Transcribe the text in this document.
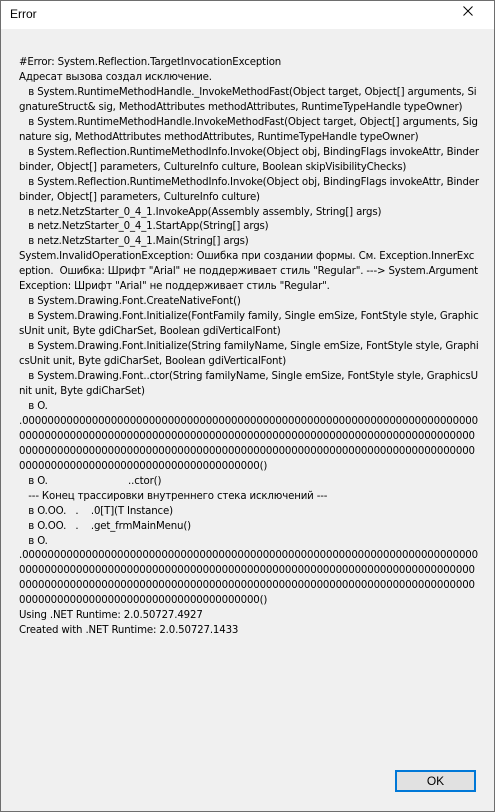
Error
#Error: System.Reflection.TargetInvocationException
Адресат вызова создал исключение.
в System.RuntimeMethodHandle._InvokeMethodFast(Object target, Object[] arguments, SignatureStruct& sig, MethodAttributes methodAttributes, RuntimeTypeHandle typeOwner)
в System.RuntimeMethodHandle.InvokeMethodFast(Object target, Object[] arguments, Signature sig, MethodAttributes methodAttributes, RuntimeTypeHandle typeOwner)
в System.Reflection.RuntimeMethodInfo.Invoke(Object obj, BindingFlags invokeAttr, Binder binder, Object[] parameters, CultureInfo culture, Boolean skipVisibilityChecks)
в System.Reflection.RuntimeMethodInfo.Invoke(Object obj, BindingFlags invokeAttr, Binder binder, Object[] parameters, CultureInfo culture)
в netz.NetzStarter_0_4_1.InvokeApp(Assembly assembly, String[] args)
в netz.NetzStarter_0_4_1.StartApp(String[] args)
в netz.NetzStarter_0_4_1.Main(String[] args)
System.InvalidOperationException: Ошибка при создании формы. См. Exception.InnerException.  Ошибка: Шрифт "Arial" не поддерживает стиль "Regular". ---> System.ArgumentException: Шрифт "Arial" не поддерживает стиль "Regular".
в System.Drawing.Font.CreateNativeFont()
в System.Drawing.Font.Initialize(FontFamily family, Single emSize, FontStyle style, GraphicsUnit unit, Byte gdiCharSet, Boolean gdiVerticalFont)
в System.Drawing.Font.Initialize(String familyName, Single emSize, FontStyle style, GraphicsUnit unit, Byte gdiCharSet, Boolean gdiVerticalFont)
в System.Drawing.Font..ctor(String familyName, Single emSize, FontStyle style, GraphicsUnit unit, Byte gdiCharSet)
в O.
.00000000000000000000000000000000000000000000000000000000000000000000000000000000000000000000000000000000000000000000000000000000000000000000000000000000000000000000000000000000000000000000000000000000000000000000000000000000000000000000000000000000000000()
в O.                          ..ctor()
--- Конец трассировки внутреннего стека исключений ---
в O.OO.   .    .0[T](T Instance)
в O.OO.   .    .get_frmMainMenu()
в O.
.00000000000000000000000000000000000000000000000000000000000000000000000000000000000000000000000000000000000000000000000000000000000000000000000000000000000000000000000000000000000000000000000000000000000000000000000000000000000000000000000000000000000000()
Using .NET Runtime: 2.0.50727.4927
Created with .NET Runtime: 2.0.50727.1433
OK
